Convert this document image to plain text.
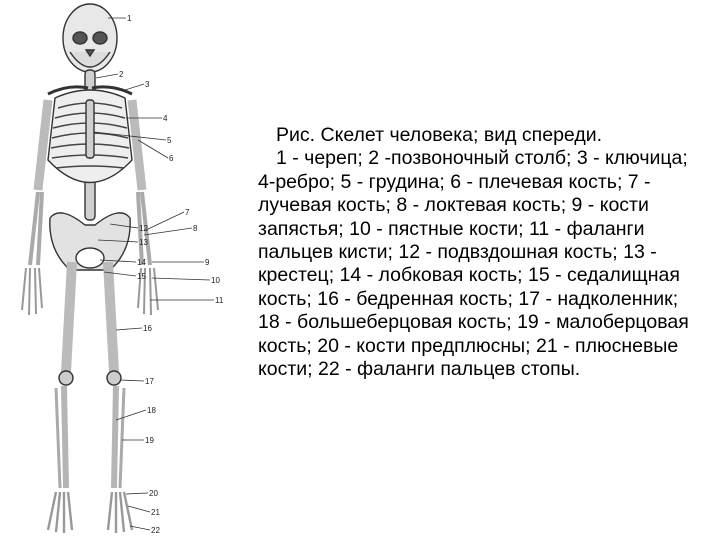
1
2
3
4
5
6
7
8
9
10
11
12
13
14
15
16
17
18
19
20
21
22
Рис. Скелет человека; вид спереди.
1 - череп; 2 -позвоночный столб; 3 - ключица; 4-ребро; 5 - грудина; 6 - плечевая кость; 7 - лучевая кость; 8 - локтевая кость; 9 - кости запястья; 10 - пястные кости; 11 - фаланги пальцев кисти; 12 - подвздошная кость; 13 - крестец; 14 - лобковая кость; 15 - седалищная кость; 16 - бедренная кость; 17 - надколенник; 18 - большеберцовая кость; 19 - малоберцовая кость; 20 - кости предплюсны; 21 - плюсневые кости; 22 - фаланги пальцев стопы.
